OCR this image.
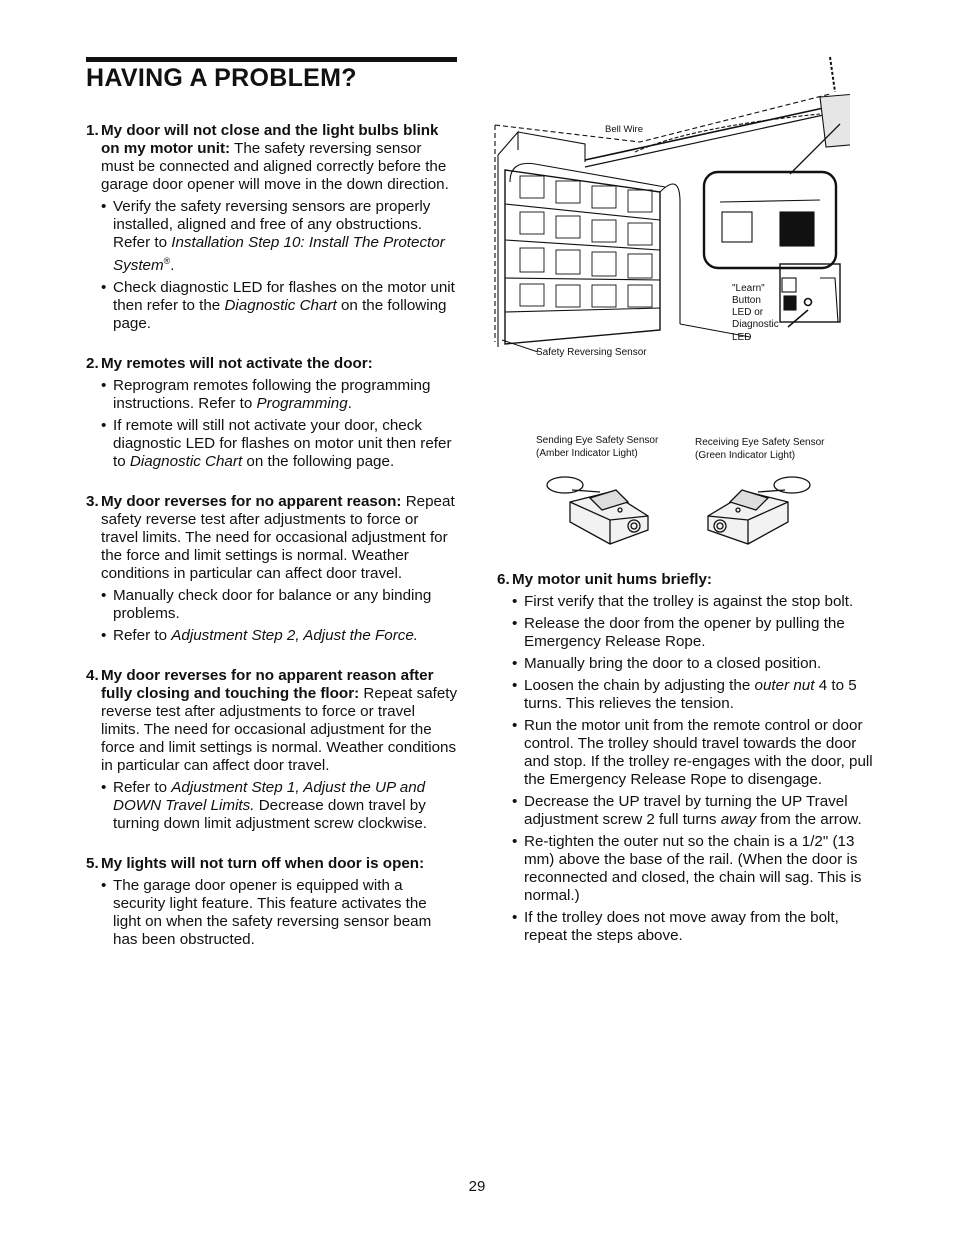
HAVING A PROBLEM?
1. My door will not close and the light bulbs blink on my motor unit: The safety reversing sensor must be connected and aligned correctly before the garage door opener will move in the down direction.
• Verify the safety reversing sensors are properly installed, aligned and free of any obstructions. Refer to Installation Step 10: Install The Protector System®.
• Check diagnostic LED for flashes on the motor unit then refer to the Diagnostic Chart on the following page.
2. My remotes will not activate the door:
• Reprogram remotes following the programming instructions. Refer to Programming.
• If remote will still not activate your door, check diagnostic LED for flashes on motor unit then refer to Diagnostic Chart on the following page.
3. My door reverses for no apparent reason: Repeat safety reverse test after adjustments to force or travel limits. The need for occasional adjustment for the force and limit settings is normal. Weather conditions in particular can affect door travel.
• Manually check door for balance or any binding problems.
• Refer to Adjustment Step 2, Adjust the Force.
4. My door reverses for no apparent reason after fully closing and touching the floor: Repeat safety reverse test after adjustments to force or travel limits. The need for occasional adjustment for the force and limit settings is normal. Weather conditions in particular can affect door travel.
• Refer to Adjustment Step 1, Adjust the UP and DOWN Travel Limits. Decrease down travel by turning down limit adjustment screw clockwise.
5. My lights will not turn off when door is open:
• The garage door opener is equipped with a security light feature. This feature activates the light on when the safety reversing sensor beam has been obstructed.
6. My motor unit hums briefly:
• First verify that the trolley is against the stop bolt.
• Release the door from the opener by pulling the Emergency Release Rope.
• Manually bring the door to a closed position.
• Loosen the chain by adjusting the outer nut 4 to 5 turns. This relieves the tension.
• Run the motor unit from the remote control or door control. The trolley should travel towards the door and stop. If the trolley re-engages with the door, pull the Emergency Release Rope to disengage.
• Decrease the UP travel by turning the UP Travel adjustment screw 2 full turns away from the arrow.
• Re-tighten the outer nut so the chain is a 1/2" (13 mm) above the base of the rail. (When the door is reconnected and closed, the chain will sag. This is normal.)
• If the trolley does not move away from the bolt, repeat the steps above.
Bell Wire
Safety Reversing Sensor
"Learn" Button LED or Diagnostic LED
Sending Eye Safety Sensor (Amber Indicator Light)
Receiving Eye Safety Sensor (Green Indicator Light)
29
